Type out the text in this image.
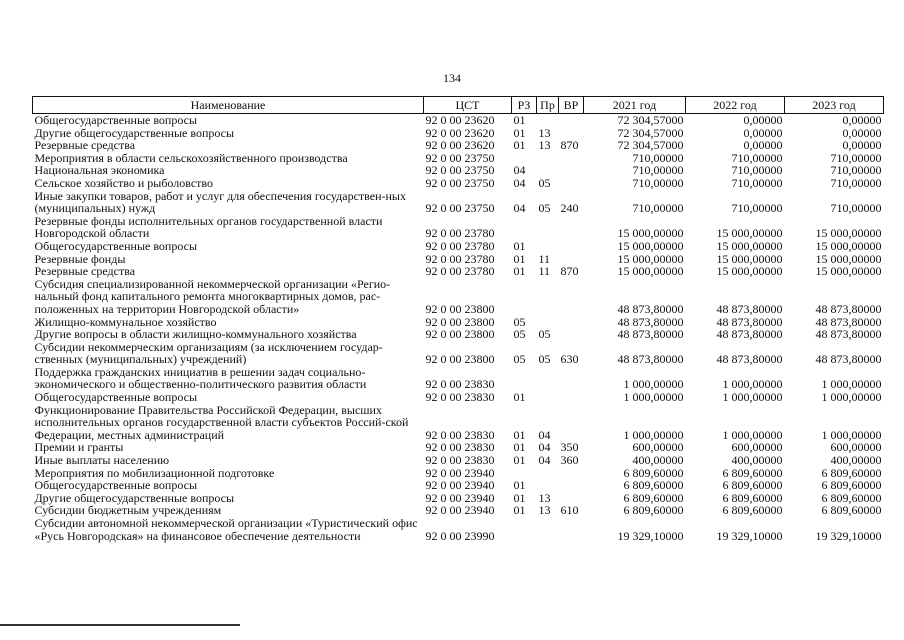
134
Наименование	ЦСТ	РЗ	Пр	ВР	2021 год	2022 год	2023 год
Общегосударственные вопросы	92 0 00 23620	01			72 304,57000	0,00000	0,00000
Другие общегосударственные вопросы	92 0 00 23620	01	13		72 304,57000	0,00000	0,00000
Резервные средства	92 0 00 23620	01	13	870	72 304,57000	0,00000	0,00000
Мероприятия в области сельскохозяйственного производства	92 0 00 23750				710,00000	710,00000	710,00000
Национальная экономика	92 0 00 23750	04			710,00000	710,00000	710,00000
Сельское хозяйство и рыболовство	92 0 00 23750	04	05		710,00000	710,00000	710,00000
Иные закупки товаров, работ и услуг для обеспечения государствен-ных (муниципальных) нужд	92 0 00 23750	04	05	240	710,00000	710,00000	710,00000
Резервные фонды исполнительных органов государственной власти Новгородской области	92 0 00 23780				15 000,00000	15 000,00000	15 000,00000
Общегосударственные вопросы	92 0 00 23780	01			15 000,00000	15 000,00000	15 000,00000
Резервные фонды	92 0 00 23780	01	11		15 000,00000	15 000,00000	15 000,00000
Резервные средства	92 0 00 23780	01	11	870	15 000,00000	15 000,00000	15 000,00000
Субсидия специализированной некоммерческой организации «Регио-нальный фонд капитального ремонта многоквартирных домов, рас-положенных на территории Новгородской области»	92 0 00 23800				48 873,80000	48 873,80000	48 873,80000
Жилищно-коммунальное хозяйство	92 0 00 23800	05			48 873,80000	48 873,80000	48 873,80000
Другие вопросы в области жилищно-коммунального хозяйства	92 0 00 23800	05	05		48 873,80000	48 873,80000	48 873,80000
Субсидии некоммерческим организациям (за исключением государ-ственных (муниципальных) учреждений)	92 0 00 23800	05	05	630	48 873,80000	48 873,80000	48 873,80000
Поддержка гражданских инициатив в решении задач социально-экономического и общественно-политического развития области	92 0 00 23830				1 000,00000	1 000,00000	1 000,00000
Общегосударственные вопросы	92 0 00 23830	01			1 000,00000	1 000,00000	1 000,00000
Функционирование Правительства Российской Федерации, высших исполнительных органов государственной власти субъектов Россий-ской Федерации, местных администраций	92 0 00 23830	01	04		1 000,00000	1 000,00000	1 000,00000
Премии и гранты	92 0 00 23830	01	04	350	600,00000	600,00000	600,00000
Иные выплаты населению	92 0 00 23830	01	04	360	400,00000	400,00000	400,00000
Мероприятия по мобилизационной подготовке	92 0 00 23940				6 809,60000	6 809,60000	6 809,60000
Общегосударственные вопросы	92 0 00 23940	01			6 809,60000	6 809,60000	6 809,60000
Другие общегосударственные вопросы	92 0 00 23940	01	13		6 809,60000	6 809,60000	6 809,60000
Субсидии бюджетным учреждениям	92 0 00 23940	01	13	610	6 809,60000	6 809,60000	6 809,60000
Субсидии автономной некоммерческой организации «Туристический офис «Русь Новгородская» на финансовое обеспечение деятельности	92 0 00 23990				19 329,10000	19 329,10000	19 329,10000
